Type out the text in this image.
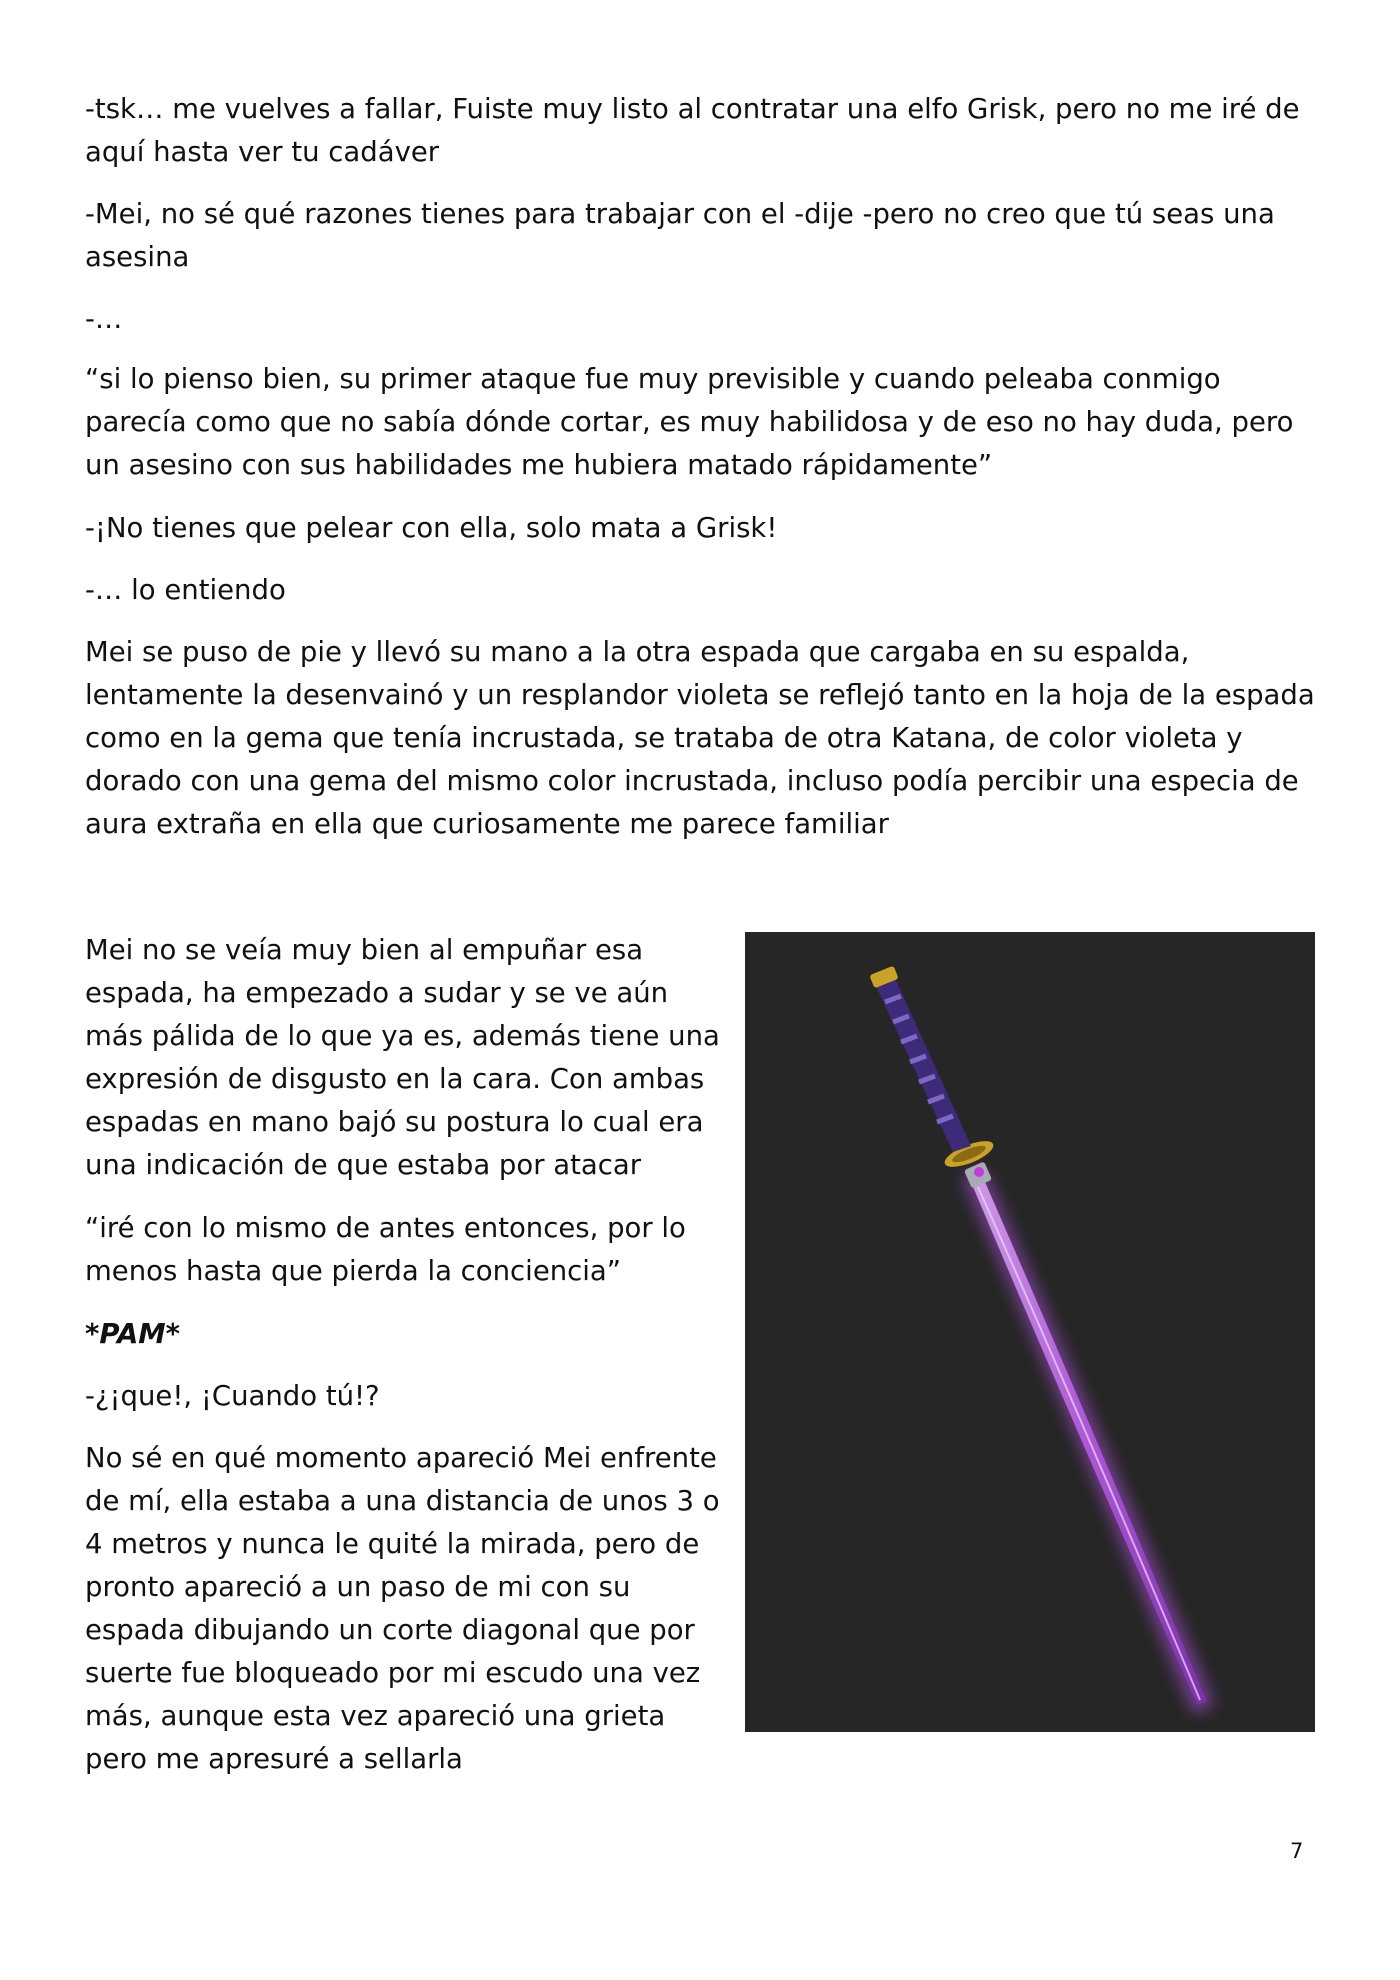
-tsk… me vuelves a fallar, Fuiste muy listo al contratar una elfo Grisk, pero no me iré de aquí hasta ver tu cadáver

-Mei, no sé qué razones tienes para trabajar con el -dije -pero no creo que tú seas una asesina

-…

“si lo pienso bien, su primer ataque fue muy previsible y cuando peleaba conmigo parecía como que no sabía dónde cortar, es muy habilidosa y de eso no hay duda, pero un asesino con sus habilidades me hubiera matado rápidamente”

-¡No tienes que pelear con ella, solo mata a Grisk!

-… lo entiendo

Mei se puso de pie y llevó su mano a la otra espada que cargaba en su espalda, lentamente la desenvainó y un resplandor violeta se reflejó tanto en la hoja de la espada como en la gema que tenía incrustada, se trataba de otra Katana, de color violeta y dorado con una gema del mismo color incrustada, incluso podía percibir una especia de aura extraña en ella que curiosamente me parece familiar

Mei no se veía muy bien al empuñar esa espada, ha empezado a sudar y se ve aún más pálida de lo que ya es, además tiene una expresión de disgusto en la cara. Con ambas espadas en mano bajó su postura lo cual era una indicación de que estaba por atacar

“iré con lo mismo de antes entonces, por lo menos hasta que pierda la conciencia”

*PAM*

-¿¡que!, ¡Cuando tú!?

No sé en qué momento apareció Mei enfrente de mí, ella estaba a una distancia de unos 3 o 4 metros y nunca le quité la mirada, pero de pronto apareció a un paso de mi con su espada dibujando un corte diagonal que por suerte fue bloqueado por mi escudo una vez más, aunque esta vez apareció una grieta pero me apresuré a sellarla

7
